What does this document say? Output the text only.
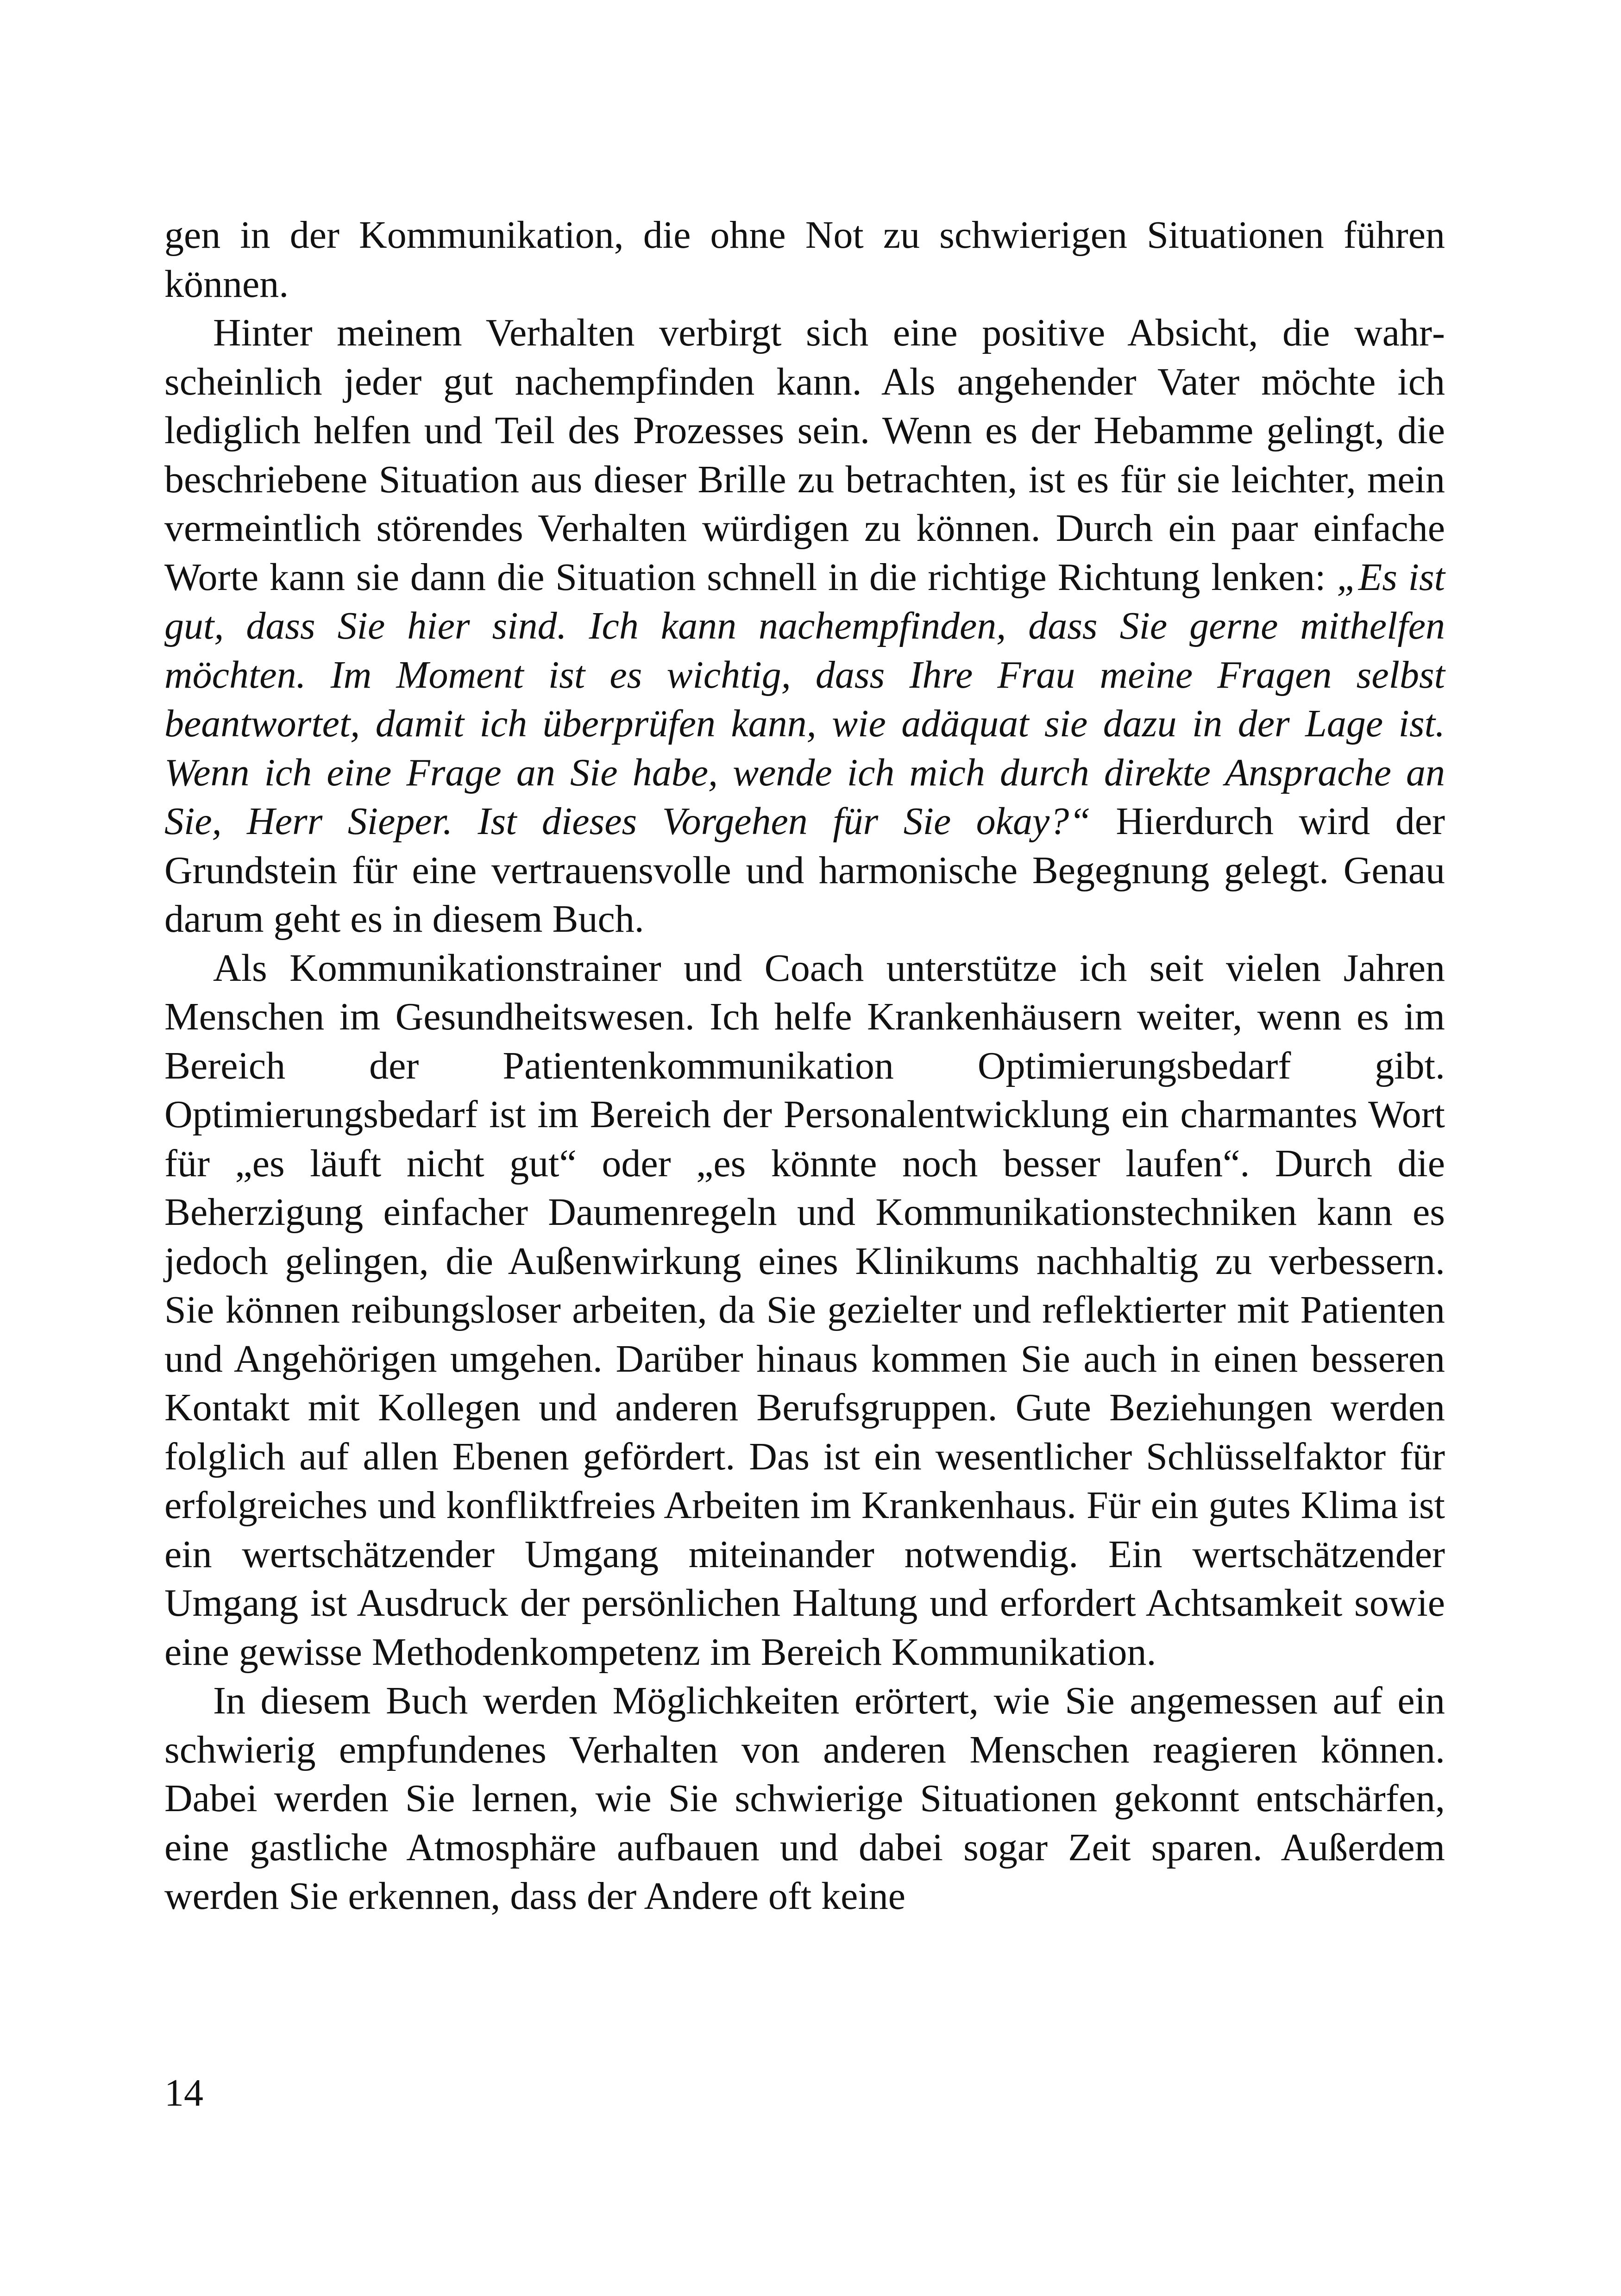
gen in der Kommunikation, die ohne Not zu schwierigen Situationen führen können.

Hinter meinem Verhalten verbirgt sich eine positive Absicht, die wahrscheinlich jeder gut nachempfinden kann. Als angehender Vater möchte ich lediglich helfen und Teil des Prozesses sein. Wenn es der Hebamme gelingt, die beschriebene Situation aus dieser Brille zu betrachten, ist es für sie leichter, mein vermeintlich störendes Verhalten würdigen zu können. Durch ein paar einfache Worte kann sie dann die Situation schnell in die richtige Richtung lenken: „Es ist gut, dass Sie hier sind. Ich kann nachempfinden, dass Sie gerne mithelfen möchten. Im Moment ist es wichtig, dass Ihre Frau meine Fragen selbst beantwortet, damit ich überprüfen kann, wie adäquat sie dazu in der Lage ist. Wenn ich eine Frage an Sie habe, wende ich mich durch direkte Ansprache an Sie, Herr Sieper. Ist dieses Vorgehen für Sie okay?“ Hierdurch wird der Grundstein für eine vertrauensvolle und harmonische Begegnung gelegt. Genau darum geht es in diesem Buch.

Als Kommunikationstrainer und Coach unterstütze ich seit vielen Jahren Menschen im Gesundheitswesen. Ich helfe Krankenhäusern weiter, wenn es im Bereich der Patientenkommunikation Optimierungsbedarf gibt. Optimierungsbedarf ist im Bereich der Personalentwicklung ein charmantes Wort für „es läuft nicht gut“ oder „es könnte noch besser laufen“. Durch die Beherzigung einfacher Daumenregeln und Kommunikationstechniken kann es jedoch gelingen, die Außenwirkung eines Klinikums nachhaltig zu verbessern. Sie können reibungsloser arbeiten, da Sie gezielter und reflektierter mit Patienten und Angehörigen umgehen. Darüber hinaus kommen Sie auch in einen besseren Kontakt mit Kollegen und anderen Berufsgruppen. Gute Beziehungen werden folglich auf allen Ebenen gefördert. Das ist ein wesentlicher Schlüsselfaktor für erfolgreiches und konfliktfreies Arbeiten im Krankenhaus. Für ein gutes Klima ist ein wertschätzender Umgang miteinander notwendig. Ein wertschätzender Umgang ist Ausdruck der persönlichen Haltung und erfordert Achtsamkeit sowie eine gewisse Methodenkompetenz im Bereich Kommunikation.

In diesem Buch werden Möglichkeiten erörtert, wie Sie angemessen auf ein schwierig empfundenes Verhalten von anderen Menschen reagieren können. Dabei werden Sie lernen, wie Sie schwierige Situationen gekonnt entschärfen, eine gastliche Atmosphäre aufbauen und dabei sogar Zeit sparen. Außerdem werden Sie erkennen, dass der Andere oft keine

14
